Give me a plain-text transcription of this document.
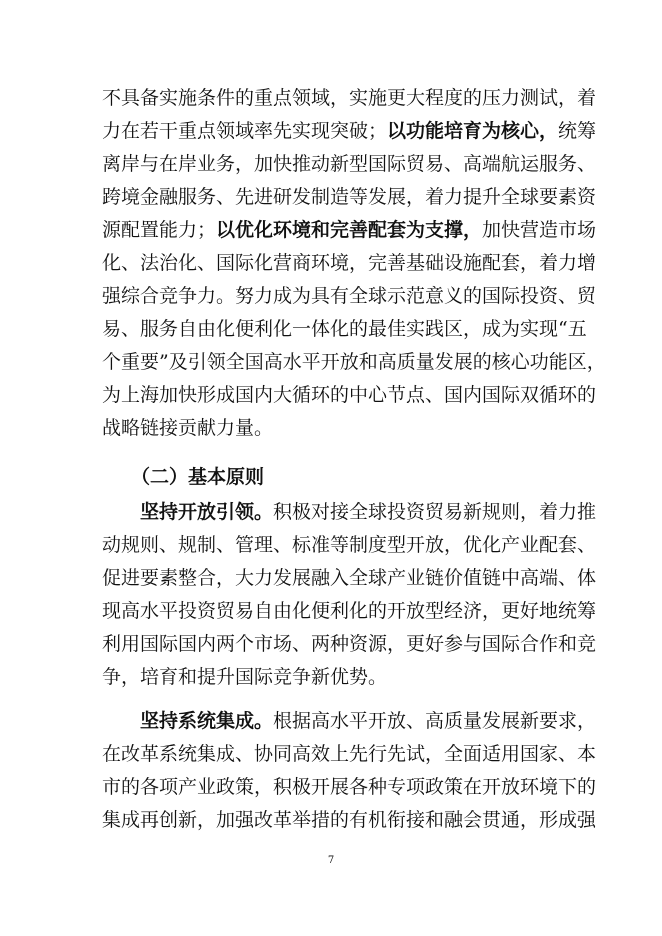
不具备实施条件的重点领域，实施更大程度的压力测试，着
力在若干重点领域率先实现突破；以功能培育为核心，统筹
离岸与在岸业务，加快推动新型国际贸易、高端航运服务、
跨境金融服务、先进研发制造等发展，着力提升全球要素资
源配置能力；以优化环境和完善配套为支撑，加快营造市场
化、法治化、国际化营商环境，完善基础设施配套，着力增
强综合竞争力。努力成为具有全球示范意义的国际投资、贸
易、服务自由化便利化一体化的最佳实践区，成为实现“五
个重要”及引领全国高水平开放和高质量发展的核心功能区，
为上海加快形成国内大循环的中心节点、国内国际双循环的
战略链接贡献力量。
（二）基本原则
坚持开放引领。积极对接全球投资贸易新规则，着力推
动规则、规制、管理、标准等制度型开放，优化产业配套、
促进要素整合，大力发展融入全球产业链价值链中高端、体
现高水平投资贸易自由化便利化的开放型经济，更好地统筹
利用国际国内两个市场、两种资源，更好参与国际合作和竞
争，培育和提升国际竞争新优势。
坚持系统集成。根据高水平开放、高质量发展新要求，
在改革系统集成、协同高效上先行先试，全面适用国家、本
市的各项产业政策，积极开展各种专项政策在开放环境下的
集成再创新，加强改革举措的有机衔接和融会贯通，形成强
7
